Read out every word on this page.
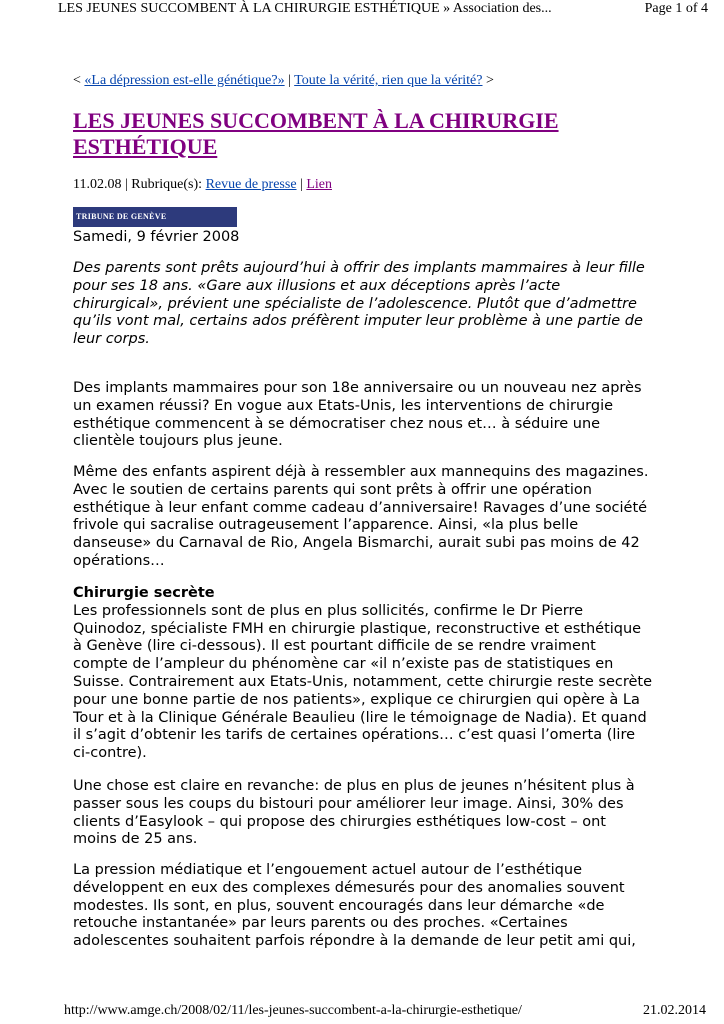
LES JEUNES SUCCOMBENT À LA CHIRURGIE ESTHÉTIQUE » Association des...	Page 1 of 4
< «La dépression est-elle génétique?» | Toute la vérité, rien que la vérité? >
LES JEUNES SUCCOMBENT À LA CHIRURGIE ESTHÉTIQUE
11.02.08 | Rubrique(s): Revue de presse | Lien
TRIBUNE DE GENÈVE
Samedi, 9 février 2008

Des parents sont prêts aujourd’hui à offrir des implants mammaires à leur fille pour ses 18 ans. «Gare aux illusions et aux déceptions après l’acte chirurgical», prévient une spécialiste de l’adolescence. Plutôt que d’admettre qu’ils vont mal, certains ados préfèrent imputer leur problème à une partie de leur corps.

Des implants mammaires pour son 18e anniversaire ou un nouveau nez après un examen réussi? En vogue aux Etats-Unis, les interventions de chirurgie esthétique commencent à se démocratiser chez nous et… à séduire une clientèle toujours plus jeune.

Même des enfants aspirent déjà à ressembler aux mannequins des magazines. Avec le soutien de certains parents qui sont prêts à offrir une opération esthétique à leur enfant comme cadeau d’anniversaire! Ravages d’une société frivole qui sacralise outrageusement l’apparence. Ainsi, «la plus belle danseuse» du Carnaval de Rio, Angela Bismarchi, aurait subi pas moins de 42 opérations…

Chirurgie secrète
Les professionnels sont de plus en plus sollicités, confirme le Dr Pierre Quinodoz, spécialiste FMH en chirurgie plastique, reconstructive et esthétique à Genève (lire ci-dessous). Il est pourtant difficile de se rendre vraiment compte de l’ampleur du phénomène car «il n’existe pas de statistiques en Suisse. Contrairement aux Etats-Unis, notamment, cette chirurgie reste secrète pour une bonne partie de nos patients», explique ce chirurgien qui opère à La Tour et à la Clinique Générale Beaulieu (lire le témoignage de Nadia). Et quand il s’agit d’obtenir les tarifs de certaines opérations… c’est quasi l’omerta (lire ci-contre).

Une chose est claire en revanche: de plus en plus de jeunes n’hésitent plus à passer sous les coups du bistouri pour améliorer leur image. Ainsi, 30% des clients d’Easylook – qui propose des chirurgies esthétiques low-cost – ont moins de 25 ans.

La pression médiatique et l’engouement actuel autour de l’esthétique développent en eux des complexes démesurés pour des anomalies souvent modestes. Ils sont, en plus, souvent encouragés dans leur démarche «de retouche instantanée» par leurs parents ou des proches. «Certaines adolescentes souhaitent parfois répondre à la demande de leur petit ami qui,

http://www.amge.ch/2008/02/11/les-jeunes-succombent-a-la-chirurgie-esthetique/	21.02.2014
